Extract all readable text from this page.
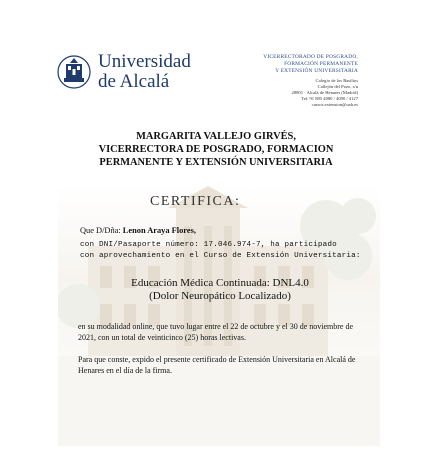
Universidad
de Alcalá
VICERRECTORADO DE POSGRADO,
FORMACIÓN PERMANENTE
Y EXTENSIÓN UNIVERSITARIA
Colegio de los Basilios
Callejón del Pozo, s/n
28801 · Alcalá de Henares (Madrid)
Tel: 91 885 4080 / 4090 / 4127
cursos.extension@uah.es
MARGARITA VALLEJO GIRVÉS,
VICERRECTORA DE POSGRADO, FORMACION
PERMANENTE Y EXTENSIÓN UNIVERSITARIA
CERTIFICA:
Que D/Dña: Lenon Araya Flores,
con DNI/Pasaporte número: 17.046.974-7, ha participado
con aprovechamiento en el Curso de Extensión Universitaria:
Educación Médica Continuada: DNL4.0
(Dolor Neuropático Localizado)
en su modalidad online, que tuvo lugar entre el 22 de octubre y el 30 de noviembre de 2021, con un total de veinticinco (25) horas lectivas.
Para que conste, expido el presente certificado de Extensión Universitaria en Alcalá de Henares en el día de la firma.
